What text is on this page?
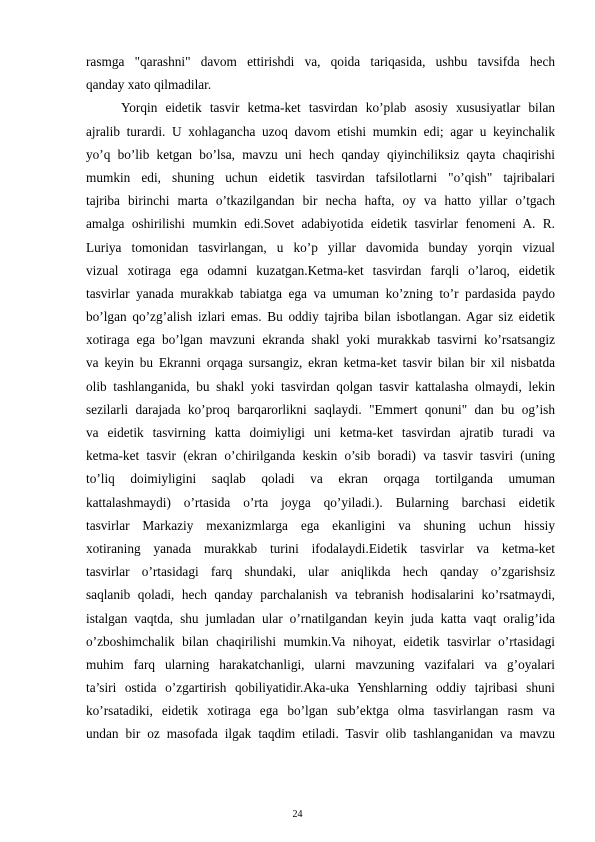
rasmga "qarashni" davom ettirishdi va, qoida tariqasida, ushbu tavsifda hech
qanday xato qilmadilar.
Yorqin eidetik tasvir ketma-ket tasvirdan ko’plab asosiy xususiyatlar bilan
ajralib turardi. U xohlagancha uzoq davom etishi mumkin edi; agar u keyinchalik
yo’q bo’lib ketgan bo’lsa, mavzu uni hech qanday qiyinchiliksiz qayta chaqirishi
mumkin edi, shuning uchun eidetik tasvirdan tafsilotlarni "o’qish" tajribalari
tajriba birinchi marta o’tkazilgandan bir necha hafta, oy va hatto yillar o’tgach
amalga oshirilishi mumkin edi.Sovet adabiyotida eidetik tasvirlar fenomeni A. R.
Luriya tomonidan tasvirlangan, u ko’p yillar davomida bunday yorqin vizual
vizual xotiraga ega odamni kuzatgan.Ketma-ket tasvirdan farqli o’laroq, eidetik
tasvirlar yanada murakkab tabiatga ega va umuman ko’zning to’r pardasida paydo
bo’lgan qo’zg’alish izlari emas. Bu oddiy tajriba bilan isbotlangan. Agar siz eidetik
xotiraga ega bo’lgan mavzuni ekranda shakl yoki murakkab tasvirni ko’rsatsangiz
va keyin bu Ekranni orqaga sursangiz, ekran ketma-ket tasvir bilan bir xil nisbatda
olib tashlanganida, bu shakl yoki tasvirdan qolgan tasvir kattalasha olmaydi, lekin
sezilarli darajada ko’proq barqarorlikni saqlaydi. "Emmert qonuni" dan bu og’ish
va eidetik tasvirning katta doimiyligi uni ketma-ket tasvirdan ajratib turadi va
ketma-ket tasvir (ekran o’chirilganda keskin o’sib boradi) va tasvir tasviri (uning
to’liq doimiyligini saqlab qoladi va ekran orqaga tortilganda umuman
kattalashmaydi) o’rtasida o’rta joyga qo’yiladi.). Bularning barchasi eidetik
tasvirlar Markaziy mexanizmlarga ega ekanligini va shuning uchun hissiy
xotiraning yanada murakkab turini ifodalaydi.Eidetik tasvirlar va ketma-ket
tasvirlar o’rtasidagi farq shundaki, ular aniqlikda hech qanday o’zgarishsiz
saqlanib qoladi, hech qanday parchalanish va tebranish hodisalarini ko’rsatmaydi,
istalgan vaqtda, shu jumladan ular o’rnatilgandan keyin juda katta vaqt oralig’ida
o’zboshimchalik bilan chaqirilishi mumkin.Va nihoyat, eidetik tasvirlar o’rtasidagi
muhim farq ularning harakatchanligi, ularni mavzuning vazifalari va g’oyalari
ta’siri ostida o’zgartirish qobiliyatidir.Aka-uka Yenshlarning oddiy tajribasi shuni
ko’rsatadiki, eidetik xotiraga ega bo’lgan sub’ektga olma tasvirlangan rasm va
undan bir oz masofada ilgak taqdim etiladi. Tasvir olib tashlanganidan va mavzu
24
